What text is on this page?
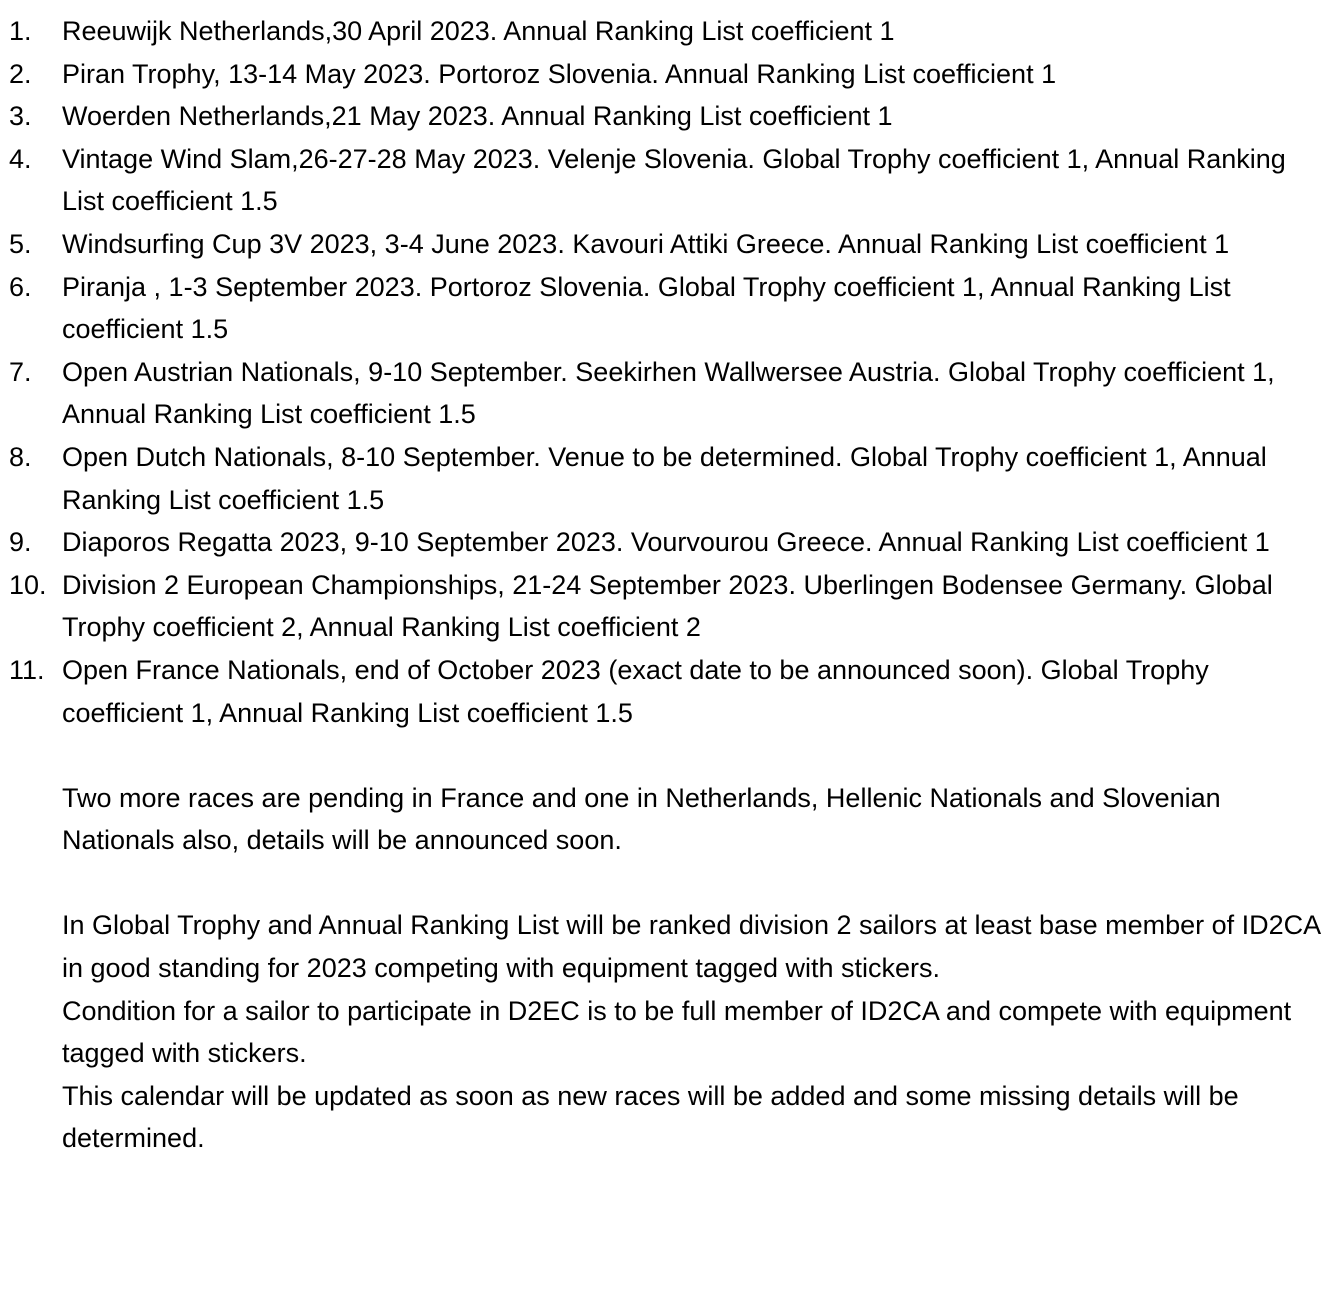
1. Reeuwijk Netherlands,30 April 2023. Annual Ranking List coefficient 1
2. Piran Trophy, 13-14 May 2023. Portoroz Slovenia. Annual Ranking List coefficient 1
3. Woerden Netherlands,21 May 2023. Annual Ranking List coefficient 1
4. Vintage Wind Slam,26-27-28 May 2023. Velenje Slovenia. Global Trophy coefficient 1, Annual Ranking List coefficient 1.5
5. Windsurfing Cup 3V 2023, 3-4 June 2023. Kavouri Attiki Greece. Annual Ranking List coefficient 1
6. Piranja , 1-3 September 2023. Portoroz Slovenia. Global Trophy coefficient 1, Annual Ranking List coefficient 1.5
7. Open Austrian Nationals, 9-10 September. Seekirhen Wallwersee Austria. Global Trophy coefficient 1, Annual Ranking List coefficient 1.5
8. Open Dutch Nationals, 8-10 September. Venue to be determined. Global Trophy coefficient 1, Annual Ranking List coefficient 1.5
9. Diaporos Regatta 2023, 9-10 September 2023. Vourvourou Greece. Annual Ranking List coefficient 1
10. Division 2 European Championships, 21-24 September 2023. Uberlingen Bodensee Germany. Global Trophy coefficient 2, Annual Ranking List coefficient 2
11. Open France Nationals, end of October 2023 (exact date to be announced soon). Global Trophy coefficient 1, Annual Ranking List coefficient 1.5

Two more races are pending in France and one in Netherlands, Hellenic Nationals and Slovenian Nationals also, details will be announced soon.

In Global Trophy and Annual Ranking List will be ranked division 2 sailors at least base member of ID2CA in good standing for 2023 competing with equipment tagged with stickers.

Condition for a sailor to participate in D2EC is to be full member of ID2CA and compete with equipment tagged with stickers.

This calendar will be updated as soon as new races will be added and some missing details will be determined.
